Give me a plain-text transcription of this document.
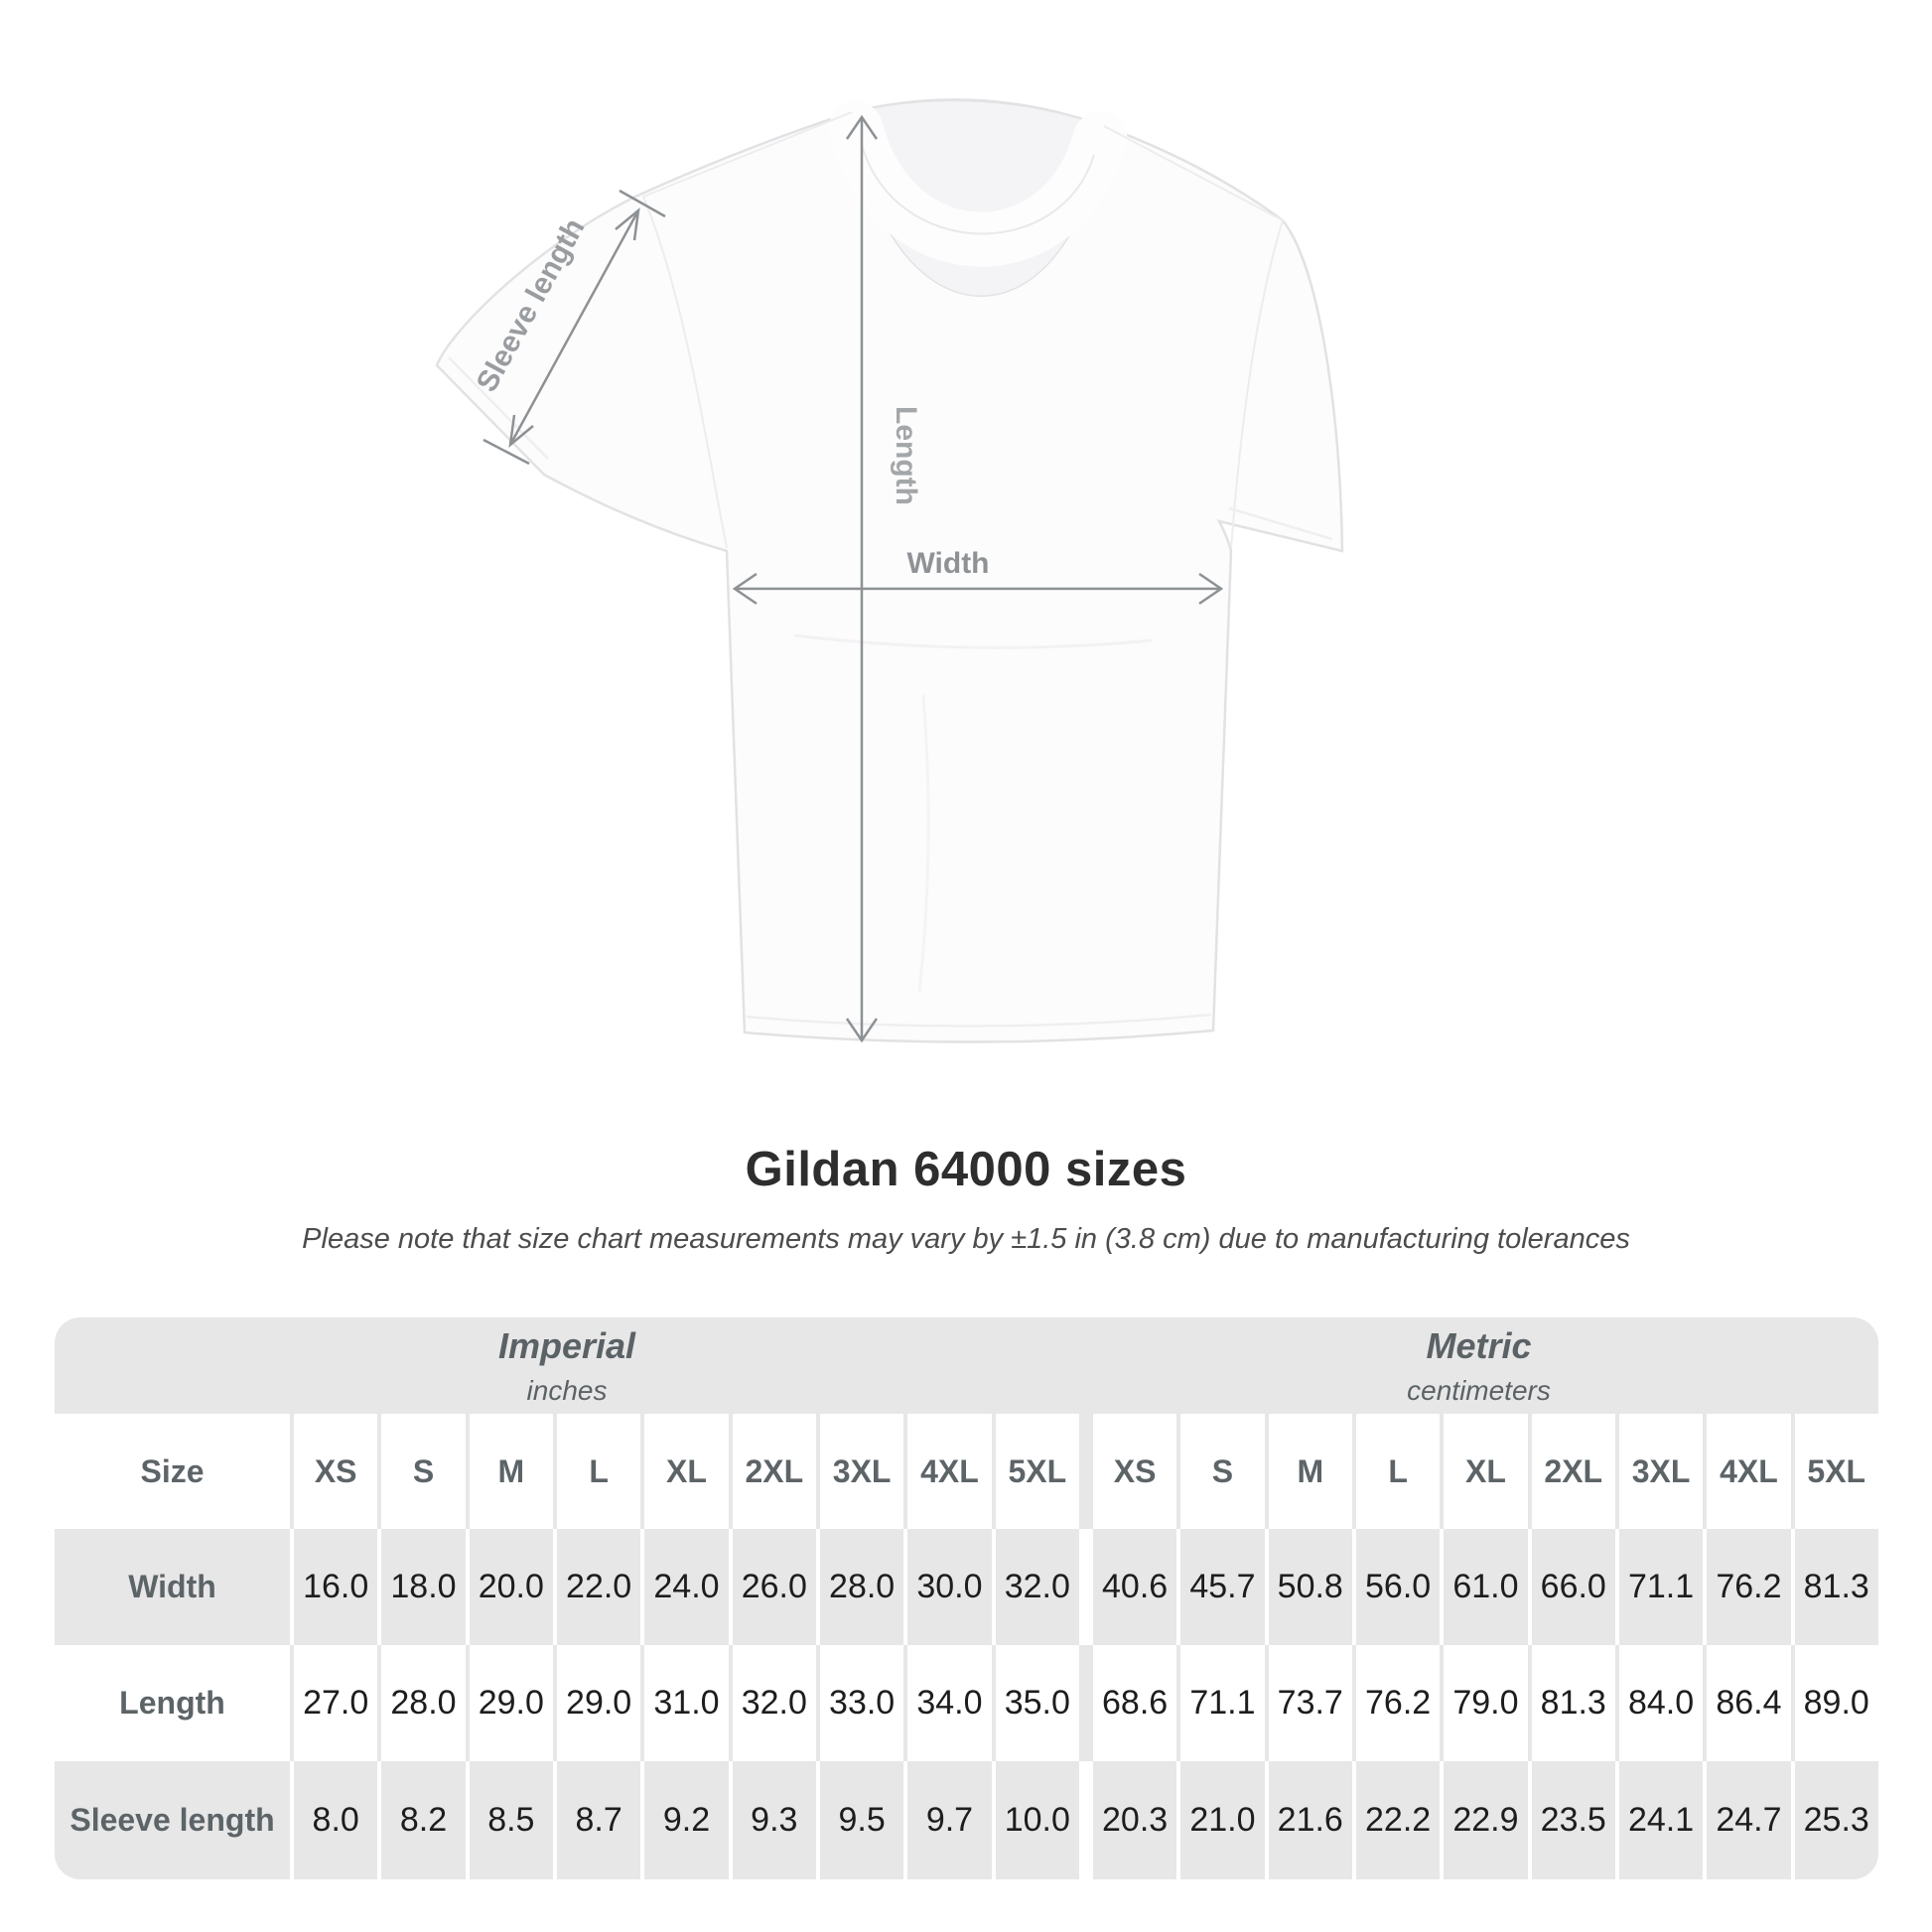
Length
Width
Sleeve length
Gildan 64000 sizes
Please note that size chart measurements may vary by ±1.5 in (3.8 cm) due to manufacturing tolerances
Imperial
inches
Metric
centimeters
Size	XS	S	M	L	XL	2XL 3XL 4XL 5XL	XS	S	M	L	XL	2XL 3XL 4XL 5XL
Width	16.0 18.0 20.0 22.0 24.0 26.0 28.0 30.0 32.0 40.6 45.7 50.8 56.0 61.0 66.0 71.1 76.2 81.3
Length	27.0 28.0 29.0 29.0 31.0 32.0 33.0 34.0 35.0 68.6 71.1 73.7 76.2 79.0 81.3 84.0 86.4 89.0
Sleeve length	8.0	8.2	8.5	8.7	9.2	9.3	9.5	9.7 10.0 20.3 21.0 21.6 22.2 22.9 23.5 24.1 24.7 25.3
